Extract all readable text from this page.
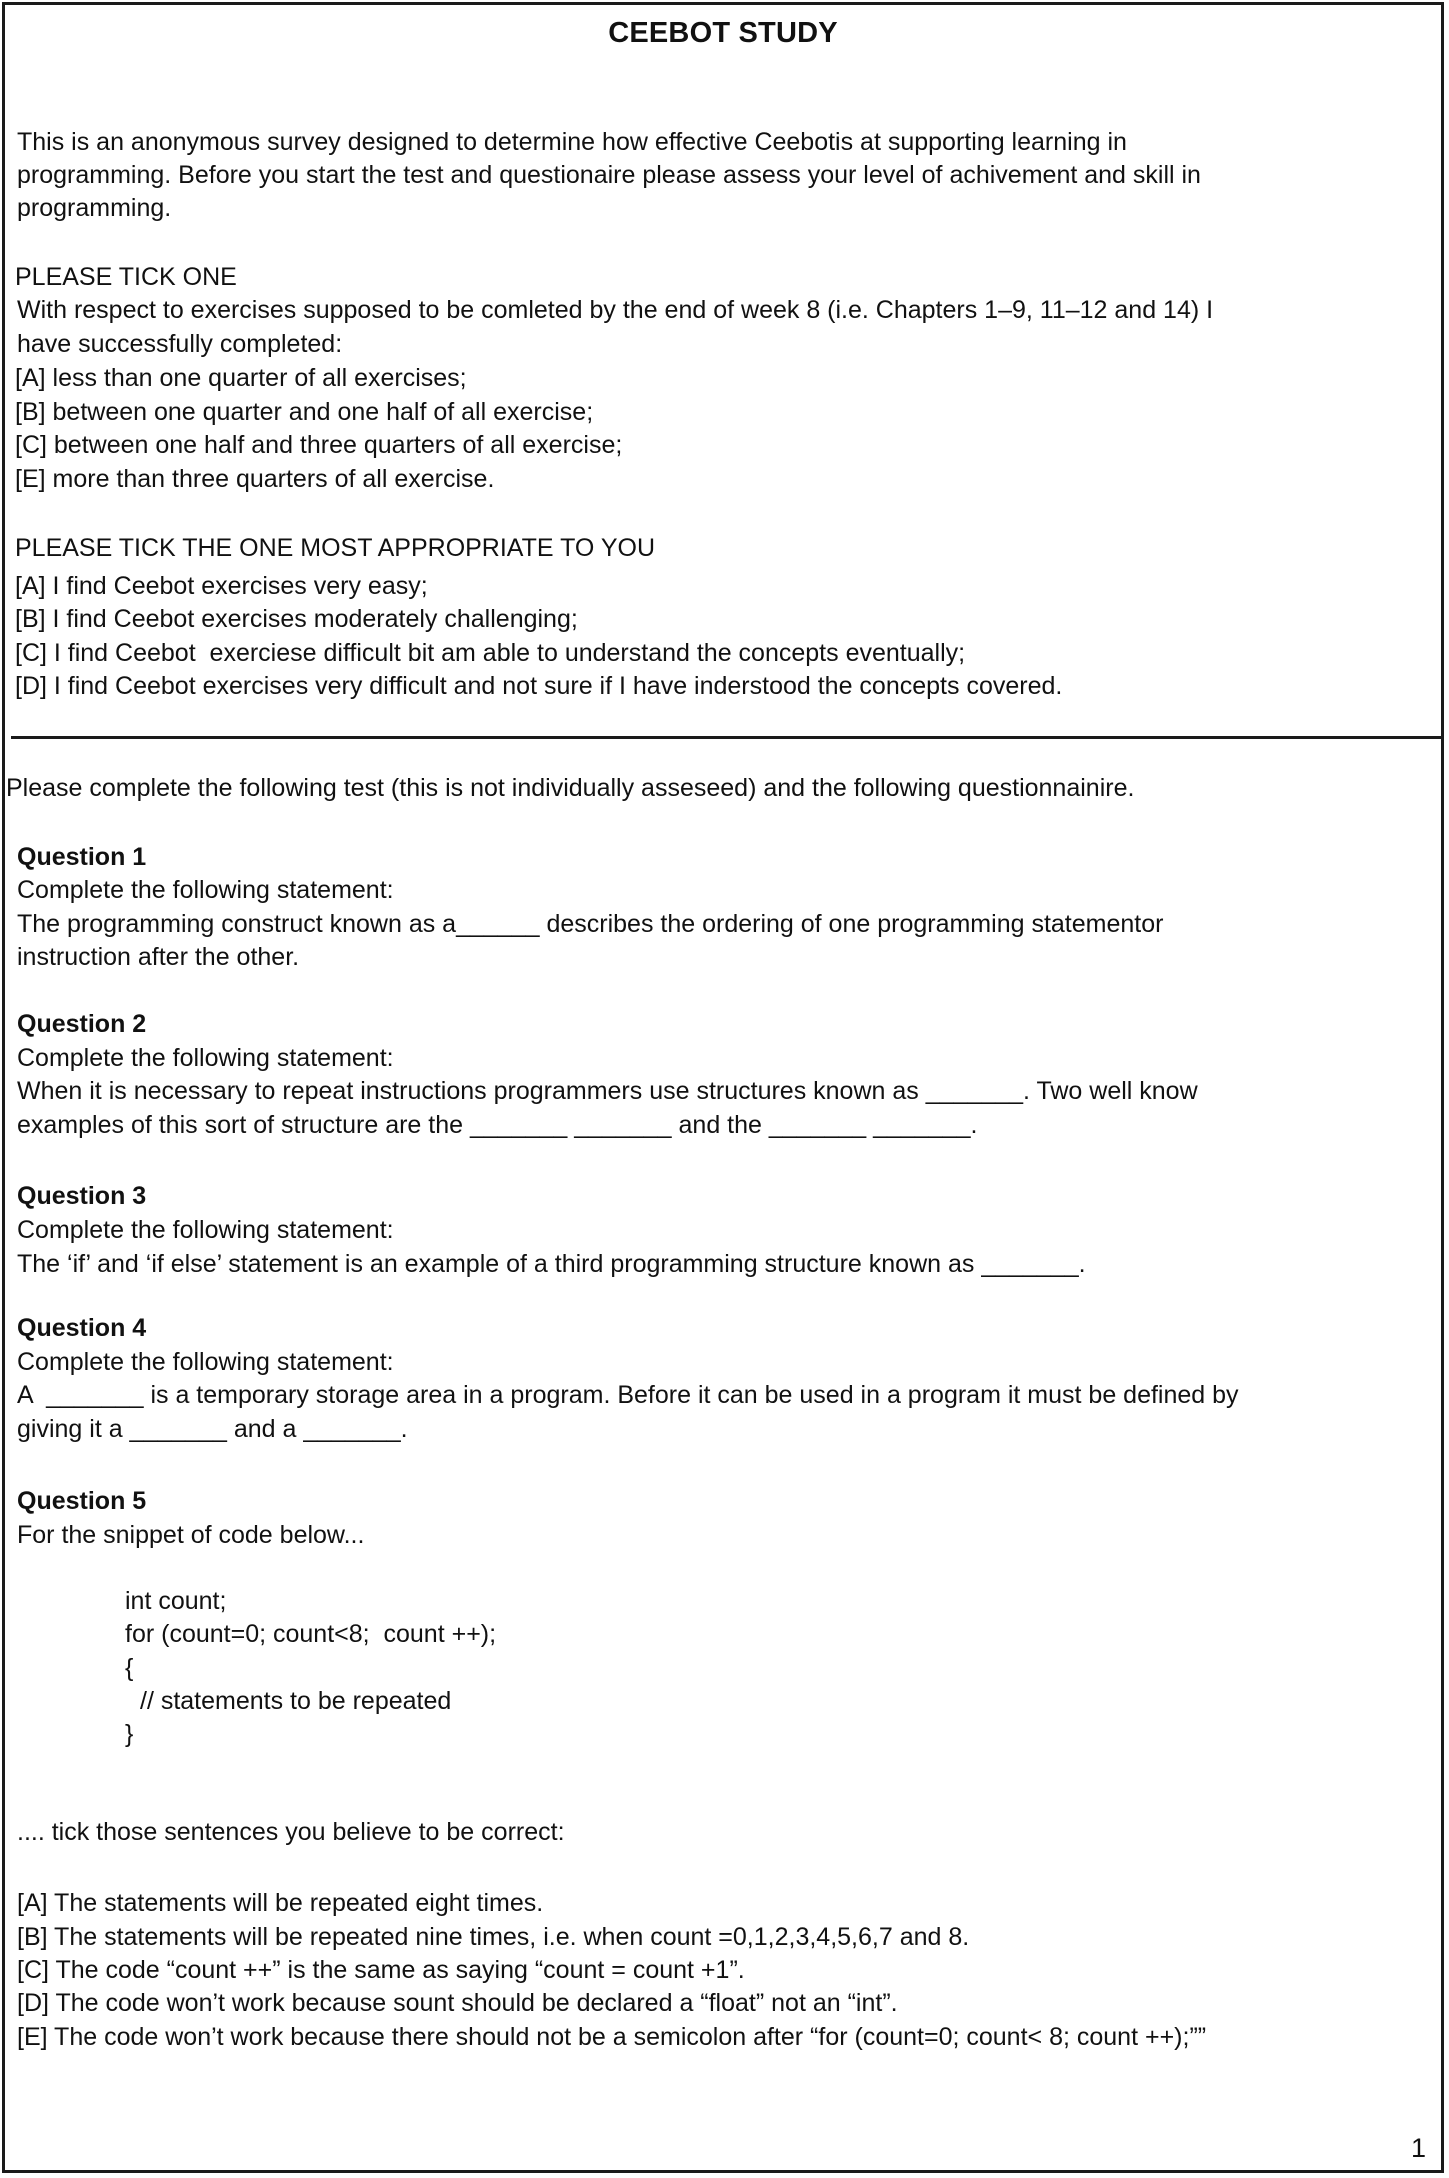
CEEBOT STUDY
This is an anonymous survey designed to determine how effective Ceebotis at supporting learning in
programming. Before you start the test and questionaire please assess your level of achivement and skill in
programming.
PLEASE TICK ONE
With respect to exercises supposed to be comleted by the end of week 8 (i.e. Chapters 1–9, 11–12 and 14) I
have successfully completed:
[A] less than one quarter of all exercises;
[B] between one quarter and one half of all exercise;
[C] between one half and three quarters of all exercise;
[E] more than three quarters of all exercise.
PLEASE TICK THE ONE MOST APPROPRIATE TO YOU
[A] I find Ceebot exercises very easy;
[B] I find Ceebot exercises moderately challenging;
[C] I find Ceebot  exerciese difficult bit am able to understand the concepts eventually;
[D] I find Ceebot exercises very difficult and not sure if I have inderstood the concepts covered.
Please complete the following test (this is not individually asseseed) and the following questionnainire.
Question 1
Complete the following statement:
The programming construct known as a______ describes the ordering of one programming statementor
instruction after the other.
Question 2
Complete the following statement:
When it is necessary to repeat instructions programmers use structures known as _______. Two well know
examples of this sort of structure are the _______ _______ and the _______ _______.
Question 3
Complete the following statement:
The ‘if’ and ‘if else’ statement is an example of a third programming structure known as _______.
Question 4
Complete the following statement:
A  _______ is a temporary storage area in a program. Before it can be used in a program it must be defined by
giving it a _______ and a _______.
Question 5
For the snippet of code below...
int count;
for (count=0; count<8;  count ++);
{
// statements to be repeated
}
.... tick those sentences you believe to be correct:
[A] The statements will be repeated eight times.
[B] The statements will be repeated nine times, i.e. when count =0,1,2,3,4,5,6,7 and 8.
[C] The code “count ++” is the same as saying “count = count +1”.
[D] The code won’t work because sount should be declared a “float” not an “int”.
[E] The code won’t work because there should not be a semicolon after “for (count=0; count< 8; count ++);””
1
